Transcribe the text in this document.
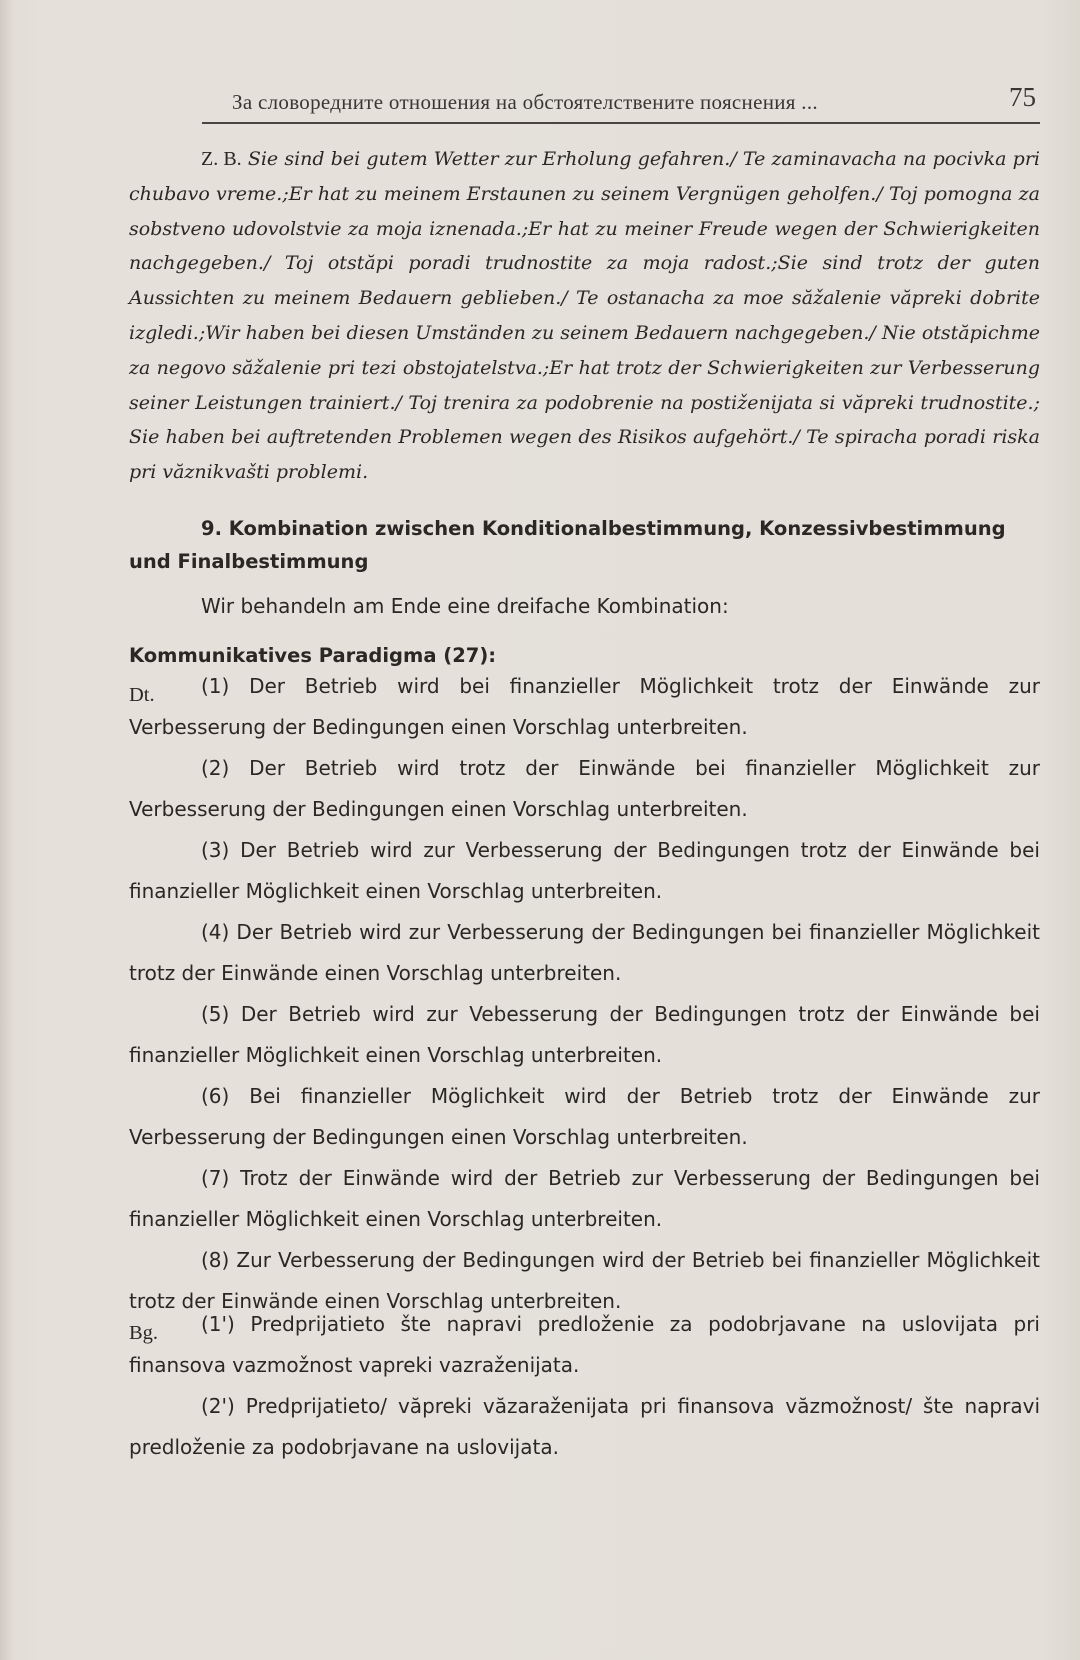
За словоредните отношения на обстоятелствените пояснения ...	75

Z. B. Sie sind bei gutem Wetter zur Erholung gefahren./ Te zaminavacha na pocivka pri chubavo vreme.;Er hat zu meinem Erstaunen zu seinem Vergnügen geholfen./ Toj pomogna za sobstveno udovolstvie za moja iznenada.;Er hat zu meiner Freude wegen der Schwierigkeiten nachgegeben./ Toj otstăpi poradi trudnostite za moja radost.;Sie sind trotz der guten Aussichten zu meinem Bedauern geblieben./ Te ostanacha za moe săžalenie văpreki dobrite izgledi.;Wir haben bei diesen Umständen zu seinem Bedauern nachgegeben./ Nie otstăpichme za negovo săžalenie pri tezi obstojatelstva.;Er hat trotz der Schwierigkeiten zur Verbesserung seiner Leistungen trainiert./ Toj trenira za podobrenie na postiženijata si văpreki trudnostite.; Sie haben bei auftretenden Problemen wegen des Risikos aufgehört./ Te spiracha poradi riska pri văznikvašti problemi.

9. Kombination zwischen Konditionalbestimmung, Konzessivbestimmung und Finalbestimmung

Wir behandeln am Ende eine dreifache Kombination:

Kommunikatives Paradigma (27):

Dt.	(1) Der Betrieb wird bei finanzieller Möglichkeit trotz der Einwände zur Verbesserung der Bedingungen einen Vorschlag unterbreiten.

(2) Der Betrieb wird trotz der Einwände bei finanzieller Möglichkeit zur Verbesserung der Bedingungen einen Vorschlag unterbreiten.

(3) Der Betrieb wird zur Verbesserung der Bedingungen trotz der Einwände bei finanzieller Möglichkeit einen Vorschlag unterbreiten.

(4) Der Betrieb wird zur Verbesserung der Bedingungen bei finanzieller Möglichkeit trotz der Einwände einen Vorschlag unterbreiten.

(5) Der Betrieb wird zur Vebesserung der Bedingungen trotz der Einwände bei finanzieller Möglichkeit einen Vorschlag unterbreiten.

(6) Bei finanzieller Möglichkeit wird der Betrieb trotz der Einwände zur Verbesserung der Bedingungen einen Vorschlag unterbreiten.

(7) Trotz der Einwände wird der Betrieb zur Verbesserung der Bedingungen bei finanzieller Möglichkeit einen Vorschlag unterbreiten.

(8) Zur Verbesserung der Bedingungen wird der Betrieb bei finanzieller Möglichkeit trotz der Einwände einen Vorschlag unterbreiten.

Bg.	(1') Predprijatieto šte napravi predloženie za podobrjavane na uslovijata pri finansova vazmožnost vapreki vazraženijata.

(2') Predprijatieto/ văpreki văzaraženijata pri finansova văzmožnost/ šte napravi predloženie za podobrjavane na uslovijata.
